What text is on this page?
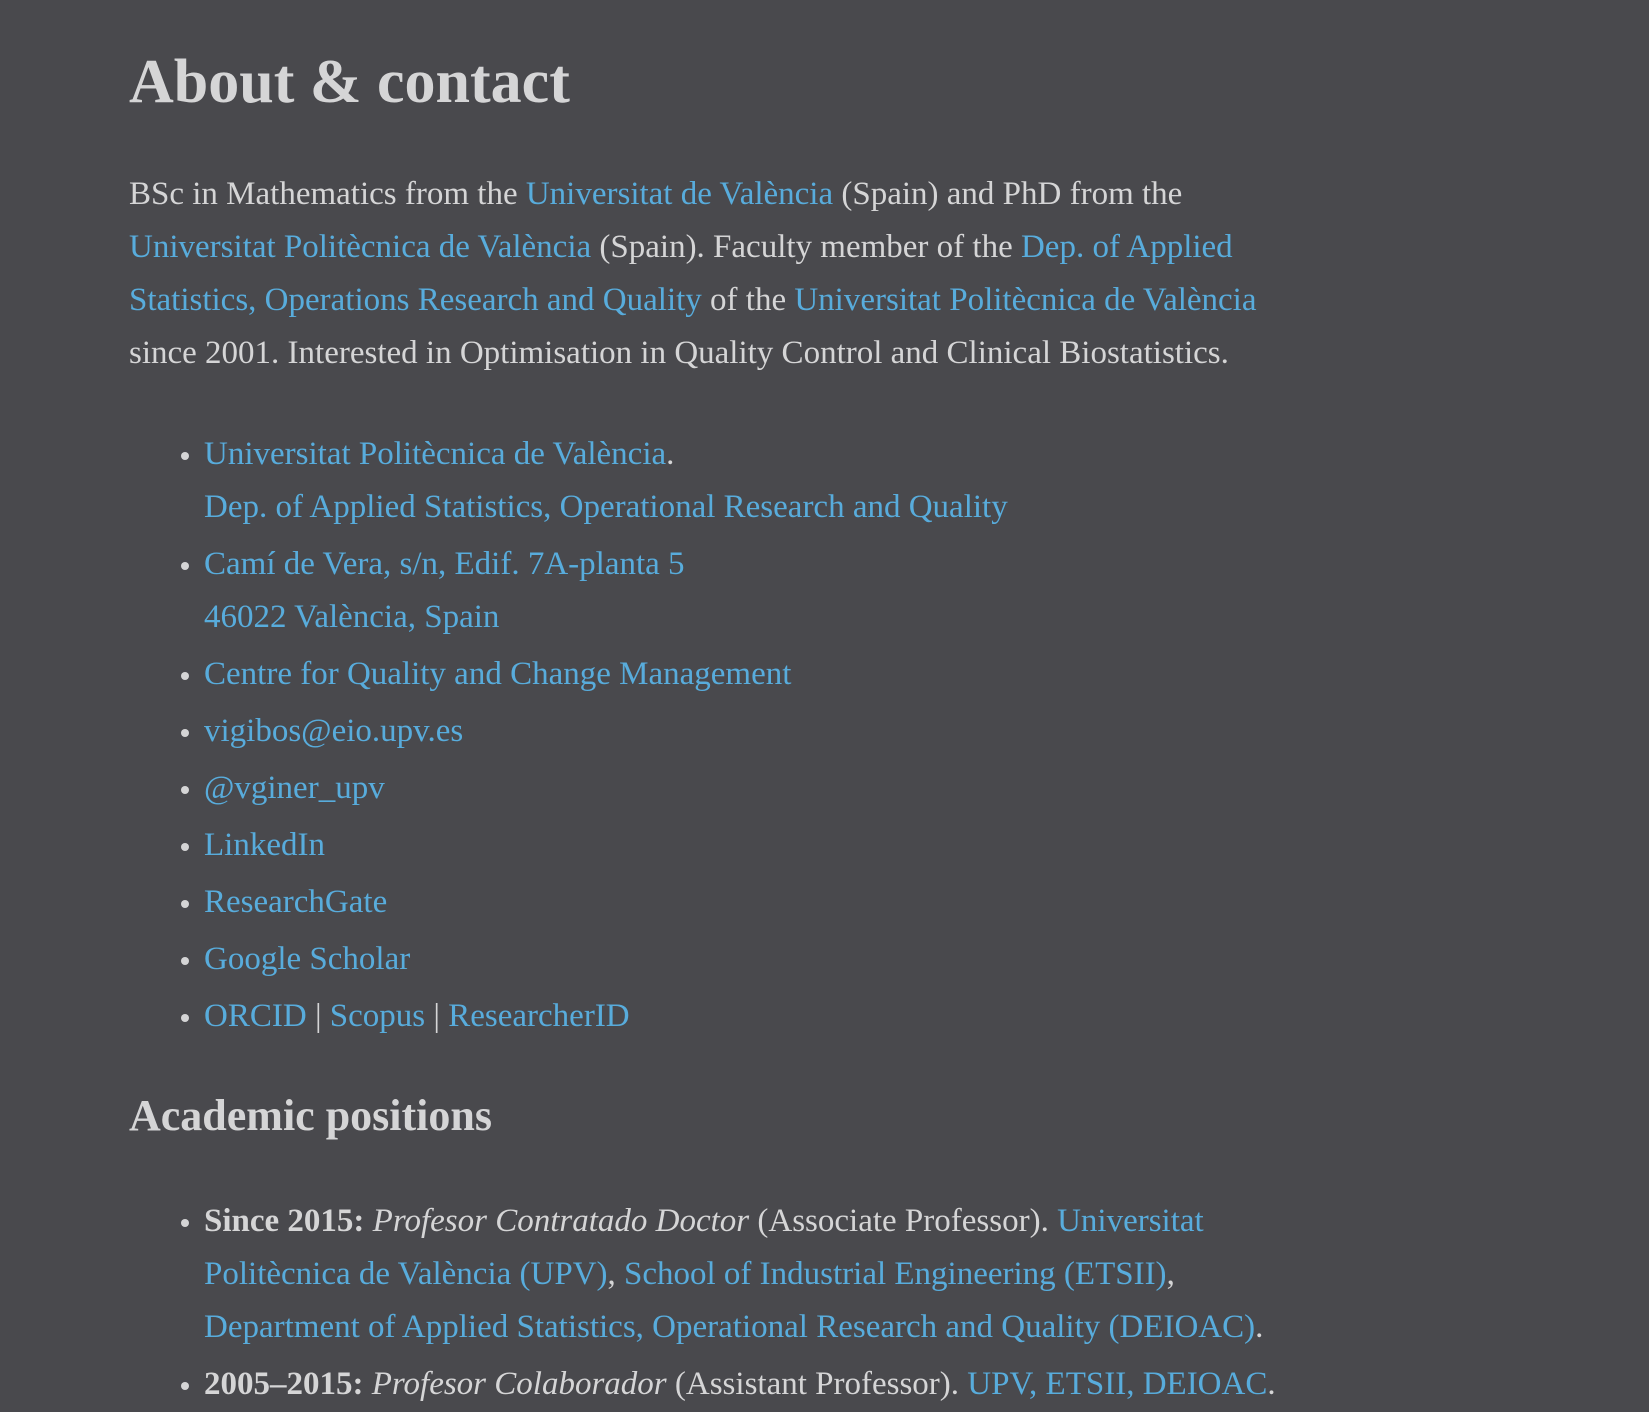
About & contact

BSc in Mathematics from the Universitat de València (Spain) and PhD from the
Universitat Politècnica de València (Spain). Faculty member of the Dep. of Applied
Statistics, Operations Research and Quality of the Universitat Politècnica de València
since 2001. Interested in Optimisation in Quality Control and Clinical Biostatistics.

• Universitat Politècnica de València.
Dep. of Applied Statistics, Operational Research and Quality
• Camí de Vera, s/n, Edif. 7A-planta 5
46022 València, Spain
• Centre for Quality and Change Management
• vigibos@eio.upv.es
• @vginer_upv
• LinkedIn
• ResearchGate
• Google Scholar
• ORCID | Scopus | ResearcherID
Academic positions
• Since 2015: Profesor Contratado Doctor (Associate Professor). Universitat
Politècnica de València (UPV), School of Industrial Engineering (ETSII),
Department of Applied Statistics, Operational Research and Quality (DEIOAC).
• 2005–2015: Profesor Colaborador (Assistant Professor). UPV, ETSII, DEIOAC.
